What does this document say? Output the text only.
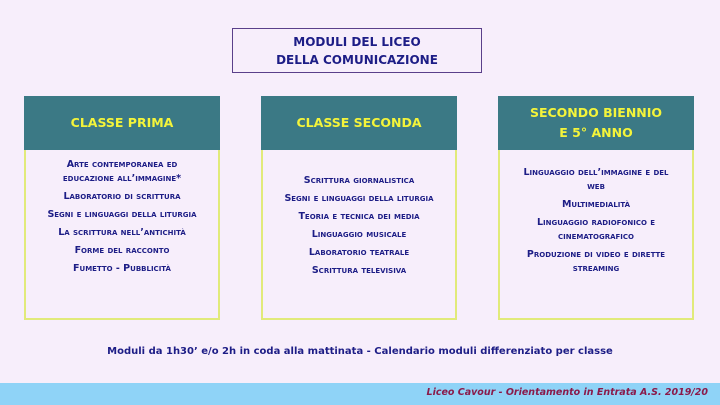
MODULI DEL LICEO
DELLA COMUNICAZIONE
CLASSE PRIMA
Arte contemporanea ed educazione all’immagine*
Laboratorio di scrittura
Segni e linguaggi della liturgia
La scrittura nell’antichità
Forme del racconto
Fumetto - Pubblicità
CLASSE SECONDA
Scrittura giornalistica
Segni e linguaggi della liturgia
Teoria e tecnica dei media
Linguaggio musicale
Laboratorio teatrale
Scrittura televisiva
SECONDO BIENNIO
E 5° ANNO
Linguaggio dell’immagine e del web
Multimedialità
Linguaggio radiofonico e cinematografico
Produzione di video e dirette streaming
Moduli da 1h30’ e/o 2h in coda alla mattinata - Calendario moduli differenziato per classe
Liceo Cavour - Orientamento in Entrata A.S. 2019/20
